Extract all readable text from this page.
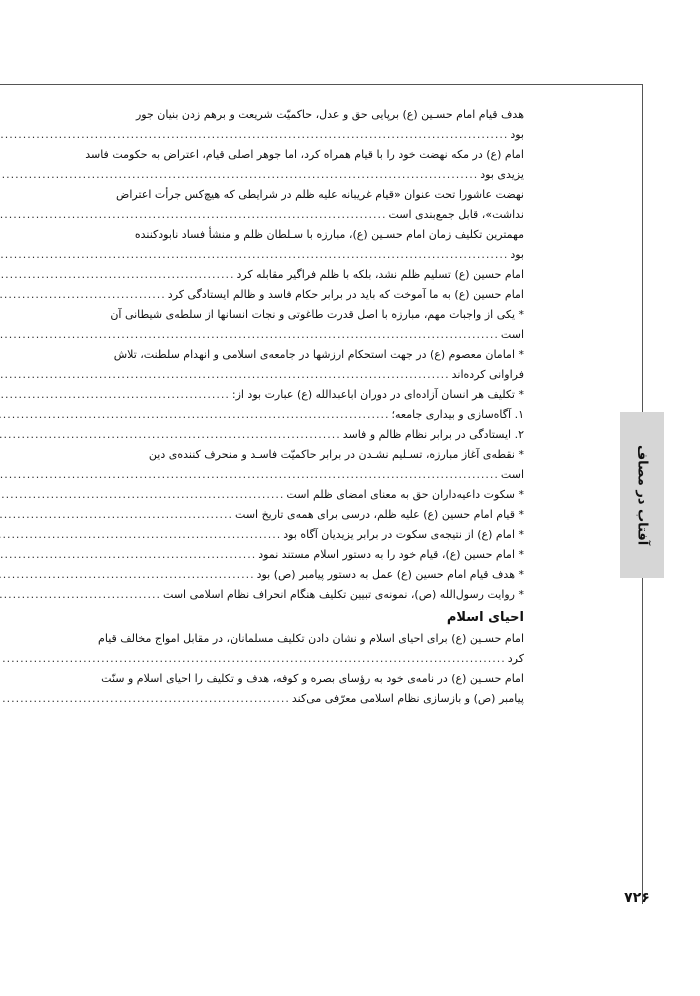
آفتاب در مصاف
۷۲۶
هدف قیام امام حسـین (ع) برپایی حق و عدل، حاکمیّت شریعت و برهم زدن بنیان جور
بود
.....
امام (ع) در مکه نهضت خود را با قیام همراه کرد، اما جوهر اصلی قیام، اعتراض به حکومت فاسد
یزیدی بود
.....
نهضت عاشورا تحت عنوان «قیام غریبانه علیه ظلم در شرایطی که هیچ‌کس جرأت اعتراض
نداشت»، قابل جمع‌بندی است
.....
مهمترین تکلیف زمان امام حسـین (ع)، مبارزه با سـلطان ظلم و منشأ فساد نابودکننده
بود
.....
امام حسین (ع) تسلیم ظلم نشد، بلکه با ظلم فراگیر مقابله کرد
.....
امام حسین (ع) به ما آموخت که باید در برابر حکام فاسد و ظالم ایستادگی کرد
.....
* یکی از واجبات مهم، مبارزه با اصل قدرت طاغوتی و نجات انسانها از سلطه‌ی شیطانی آن
است
.....
* امامان معصوم (ع) در جهت استحکام ارزشها در جامعه‌ی اسلامی و انهدام سلطنت، تلاش
فراوانی کرده‌اند
.....
* تکلیف هر انسان آزاده‌ای در دوران اباعبدالله (ع) عبارت بود از:
.....
۱. آگاه‌سازی و بیداری جامعه؛
.....
۲. ایستادگی در برابر نظام ظالم و فاسد
.....
* نقطه‌ی آغاز مبارزه، تسـلیم نشـدن در برابر حاکمیّت فاسـد و منحرف کننده‌ی دین
است
.....
* سکوت داعیه‌داران حق به معنای امضای ظلم است
.....
* قیام امام حسین (ع) علیه ظلم، درسی برای همه‌ی تاریخ است
.....
* امام (ع) از نتیجه‌ی سکوت در برابر یزیدیان آگاه بود
.....
* امام حسین (ع)، قیام خود را به دستور اسلام مستند نمود
.....
* هدف قیام امام حسین (ع) عمل به دستور پیامبر (ص) بود
.....
* روایت رسول‌الله (ص)، نمونه‌ی تبیین تکلیف هنگام انحراف نظام اسلامی است
.....
احیای اسلام
امام حسـین (ع) برای احیای اسلام و نشان دادن تکلیف مسلمانان، در مقابل امواج مخالف قیام
کرد
.....
امام حسـین (ع) در نامه‌ی خود به رؤسای بصره و کوفه، هدف و تکلیف را احیای اسلام و سنّت
پیامبر (ص) و بازسازی نظام اسلامی معرّفی می‌کند
.....
